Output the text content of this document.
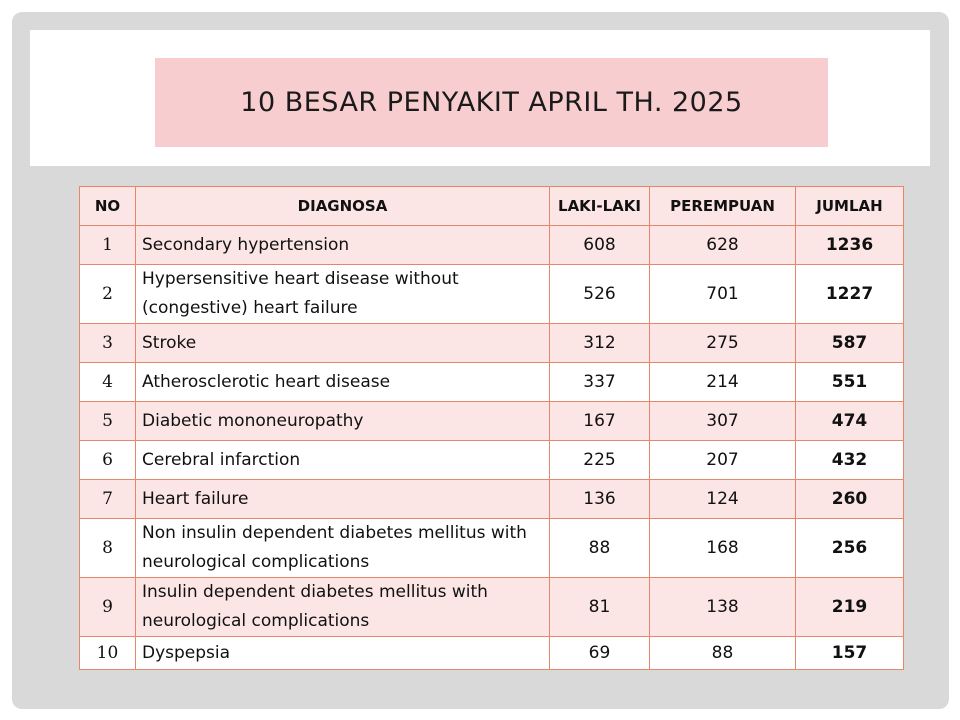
10 BESAR PENYAKIT APRIL TH. 2025
NO	DIAGNOSA	LAKI-LAKI	PEREMPUAN	JUMLAH
1	Secondary hypertension	608	628	1236
2	Hypersensitive heart disease without (congestive) heart failure	526	701	1227
3	Stroke	312	275	587
4	Atherosclerotic heart disease	337	214	551
5	Diabetic mononeuropathy	167	307	474
6	Cerebral infarction	225	207	432
7	Heart failure	136	124	260
8	Non insulin dependent diabetes mellitus with neurological complications	88	168	256
9	Insulin dependent diabetes mellitus with neurological complications	81	138	219
10	Dyspepsia	69	88	157
